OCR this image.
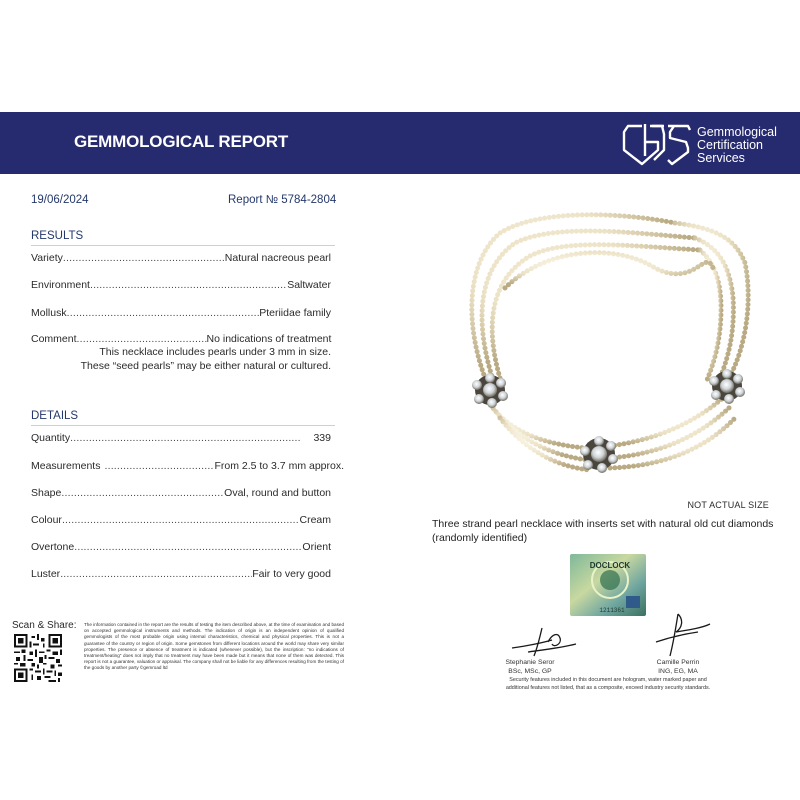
GEMMOLOGICAL REPORT	Gemmological
Certification
Services
19/06/2024	Report № 5784-2804
RESULTS
Variety .....	Natural nacreous pearl
Environment .....	Saltwater
Mollusk .....	Pteriidae family
Comment .....	No indications of treatment
This necklace includes pearls under 3 mm in size.
These “seed pearls” may be either natural or cultured.
DETAILS
Quantity .....	339
Measurements .....	From 2.5 to 3.7 mm approx.
Shape .....	Oval, round and button
Colour .....	Cream
Overtone .....	Orient
Luster .....	Fair to very good
Scan & Share: The information contained in the report are the results of testing the item described above, at the time of examination and based on accepted gemmological instruments and methods. The indication of origin is an independent opinion of qualified gemmologists of the most probable origin using internal characteristics, chemical and physical properties. This is not a guarantee of the country or region of origin. Some gemstones from different locations around the world may share very similar properties. The presence or absence of treatment is indicated (whenever possible), but the inscription: "no indications of treatment/heating" does not imply that no treatment may have been made but it means that none of them was detected. This report is not a guarantee, valuation or appraisal. The company shall not be liable for any differences resulting from the testing of the goods by another party ©gemroad ltd
NOT ACTUAL SIZE
Three strand pearl necklace with inserts set with natural old cut diamonds (randomly identified)
DOCLOCK
1211361
Stephanie Seror
BSc, MSc, GP
Camille Perrin
ING, EG, MA
Security features included in this document are hologram, water marked paper and additional features not listed, that as a composite, exceed industry security standards.
